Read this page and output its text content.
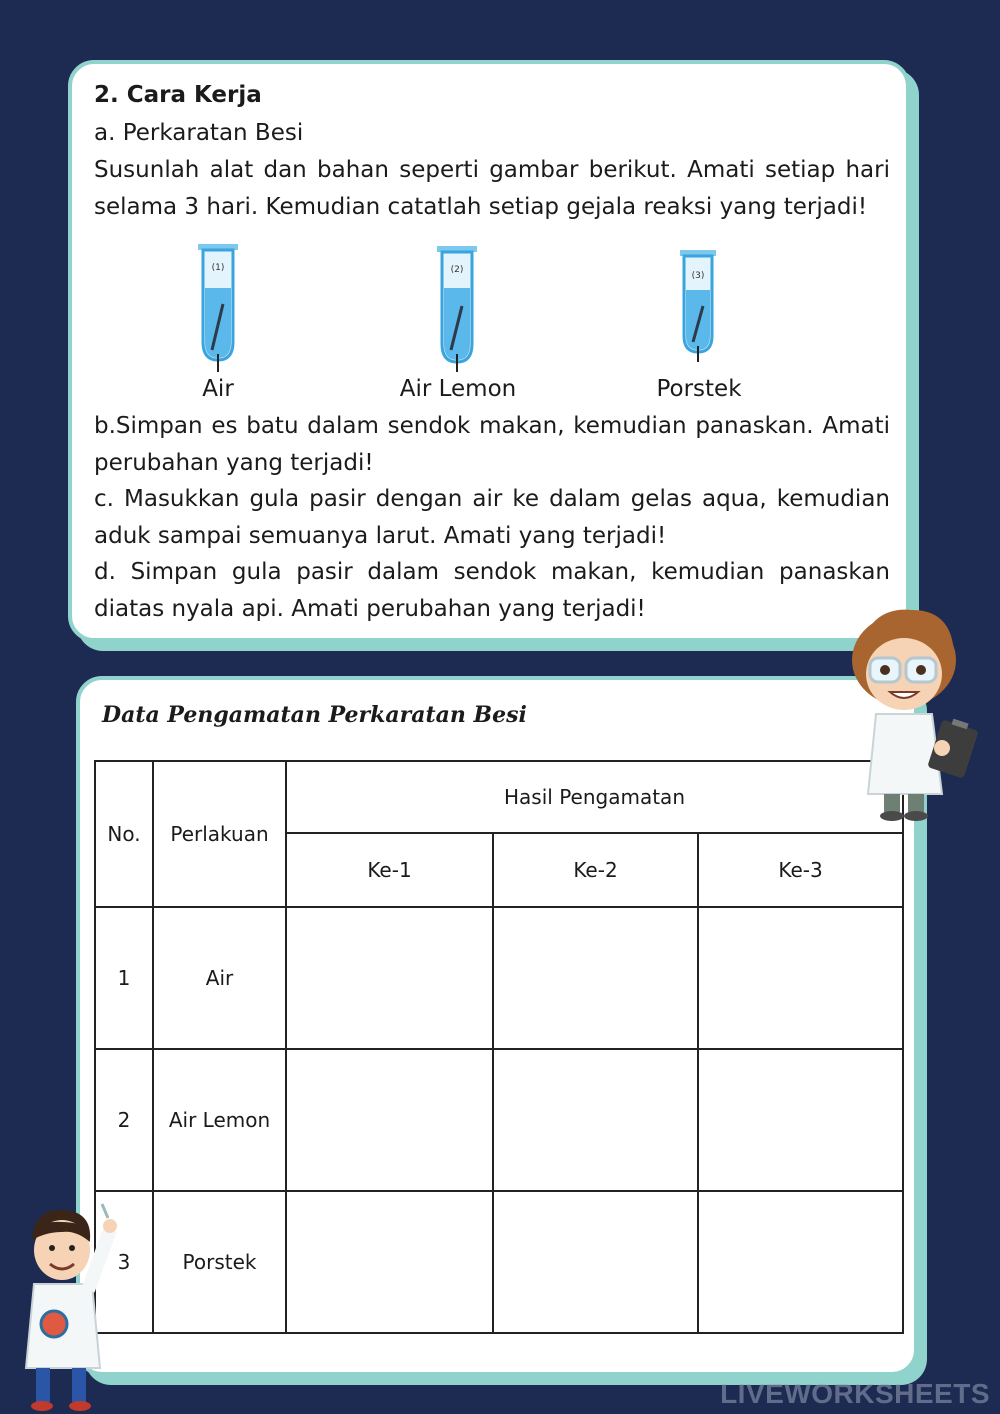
2. Cara Kerja
a. Perkaratan Besi
Susunlah alat dan bahan seperti gambar berikut. Amati setiap hari selama 3 hari. Kemudian catatlah setiap gejala reaksi yang terjadi!
(1)
Air
(2)
Air Lemon
(3)
Porstek
b.Simpan es batu dalam sendok makan, kemudian panaskan. Amati perubahan yang terjadi!
c. Masukkan gula pasir dengan air ke dalam gelas aqua, kemudian aduk sampai semuanya larut. Amati yang terjadi!
d. Simpan gula pasir dalam sendok makan, kemudian panaskan diatas nyala api. Amati perubahan yang terjadi!
Data Pengamatan Perkaratan Besi
No.	Perlakuan	Hasil Pengamatan		
		Ke-1	Ke-2	Ke-3
1	Air			
2	Air Lemon			
3	Porstek			
LIVEWORKSHEETS
